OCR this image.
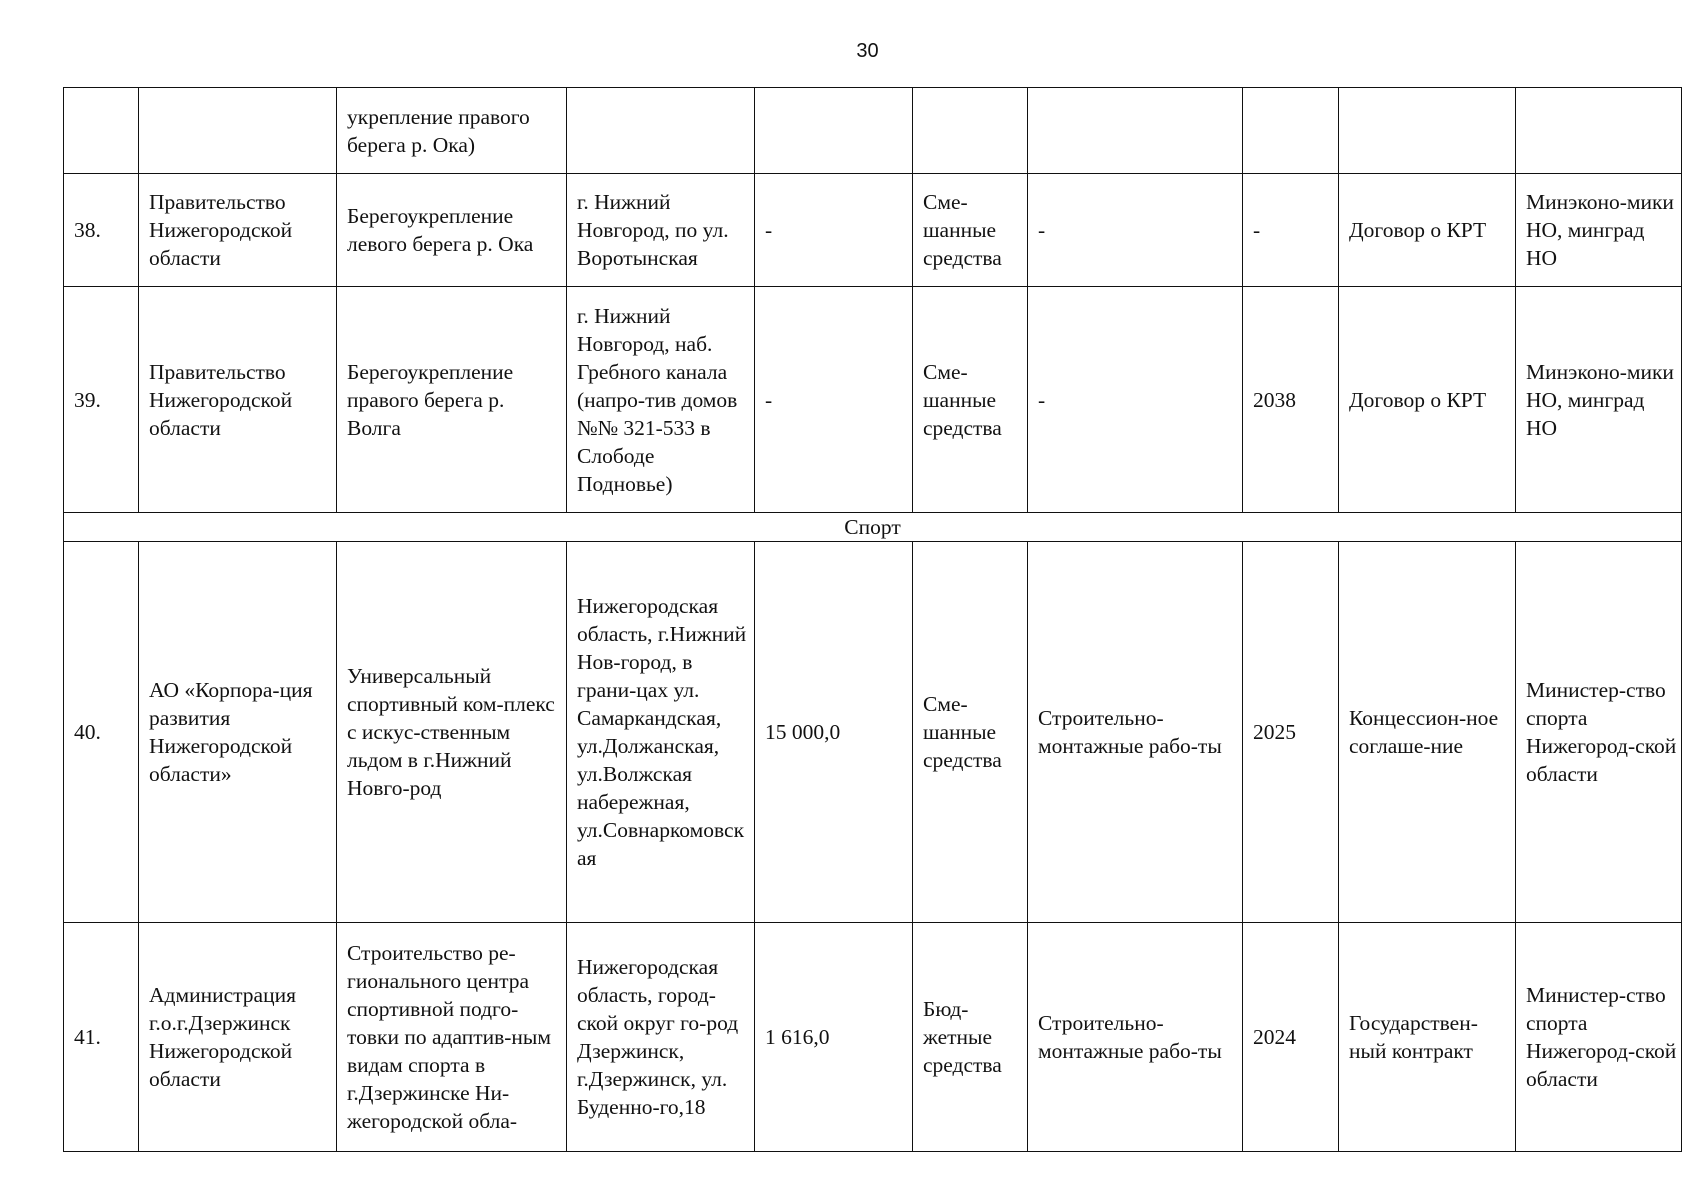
30
		укрепление правого берега р. Ока)							
38.	Правительство Нижегородской области	Берегоукрепление левого берега р. Ока	г. Нижний Новгород, по ул. Воротынская	-	Сме-шанные средства	-	-	Договор о КРТ	Минэконо-мики НО, минград НО
39.	Правительство Нижегородской области	Берегоукрепление правого берега р. Волга	г. Нижний Новгород, наб. Гребного канала (напро-тив домов №№ 321-533 в Слободе Подновье)	-	Сме-шанные средства	-	2038	Договор о КРТ	Минэконо-мики НО, минград НО
Спорт									
40.	АО «Корпора-ция развития Нижегородской области»	Универсальный спортивный ком-плекс с искус-ственным льдом в г.Нижний Новго-род	Нижегородская область, г.Нижний Нов-город, в грани-цах ул. Самаркандская, ул.Должанская, ул.Волжская набережная, ул.Совнаркомовская	15 000,0	Сме-шанные средства	Строительно-монтажные рабо-ты	2025	Концессион-ное соглаше-ние	Министер-ство спорта Нижегород-ской области
41.	Администрация г.о.г.Дзержинск Нижегородской области	Строительство ре-гионального центра спортивной подго-товки по адаптив-ным видам спорта в г.Дзержинске Ни-жегородской обла-	Нижегородская область, город-ской округ го-род Дзержинск, г.Дзержинск, ул. Буденно-го,18	1 616,0	Бюд-жетные средства	Строительно-монтажные рабо-ты	2024	Государствен-ный контракт	Министер-ство спорта Нижегород-ской области
